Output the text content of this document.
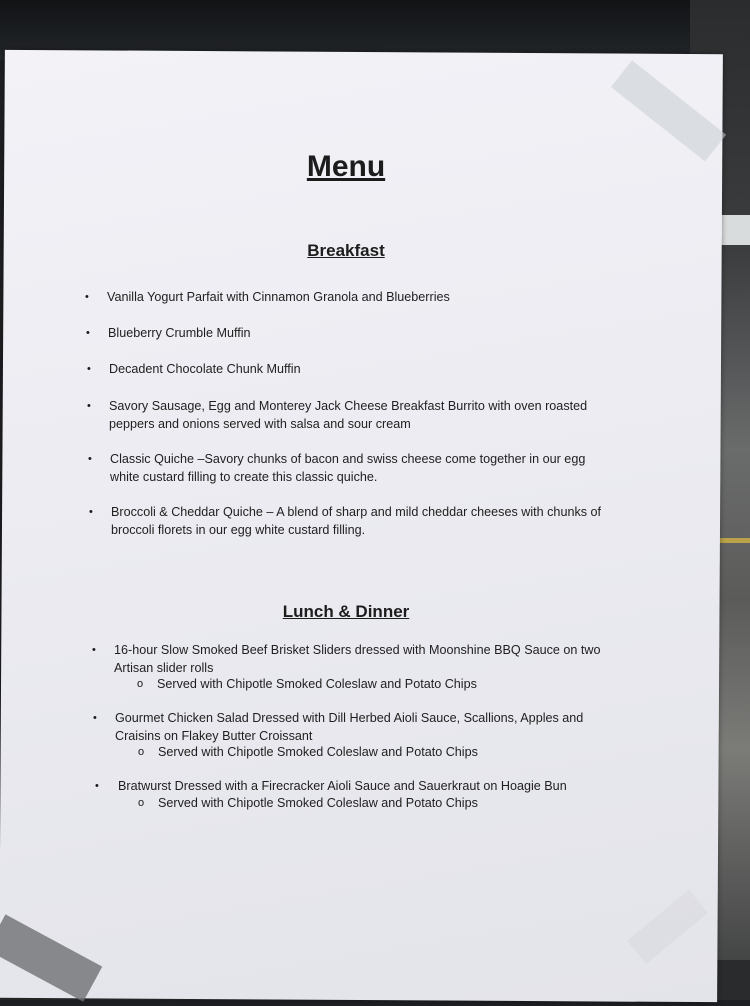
Menu
Breakfast
• Vanilla Yogurt Parfait with Cinnamon Granola and Blueberries
• Blueberry Crumble Muffin
• Decadent Chocolate Chunk Muffin
• Savory Sausage, Egg and Monterey Jack Cheese Breakfast Burrito with oven roasted peppers and onions served with salsa and sour cream
• Classic Quiche –Savory chunks of bacon and swiss cheese come together in our egg white custard filling to create this classic quiche.
• Broccoli & Cheddar Quiche – A blend of sharp and mild cheddar cheeses with chunks of broccoli florets in our egg white custard filling.
Lunch & Dinner
• 16-hour Slow Smoked Beef Brisket Sliders dressed with Moonshine BBQ Sauce on two Artisan slider rolls
o Served with Chipotle Smoked Coleslaw and Potato Chips
• Gourmet Chicken Salad Dressed with Dill Herbed Aioli Sauce, Scallions, Apples and Craisins on Flakey Butter Croissant
o Served with Chipotle Smoked Coleslaw and Potato Chips
• Bratwurst Dressed with a Firecracker Aioli Sauce and Sauerkraut on Hoagie Bun
o Served with Chipotle Smoked Coleslaw and Potato Chips
